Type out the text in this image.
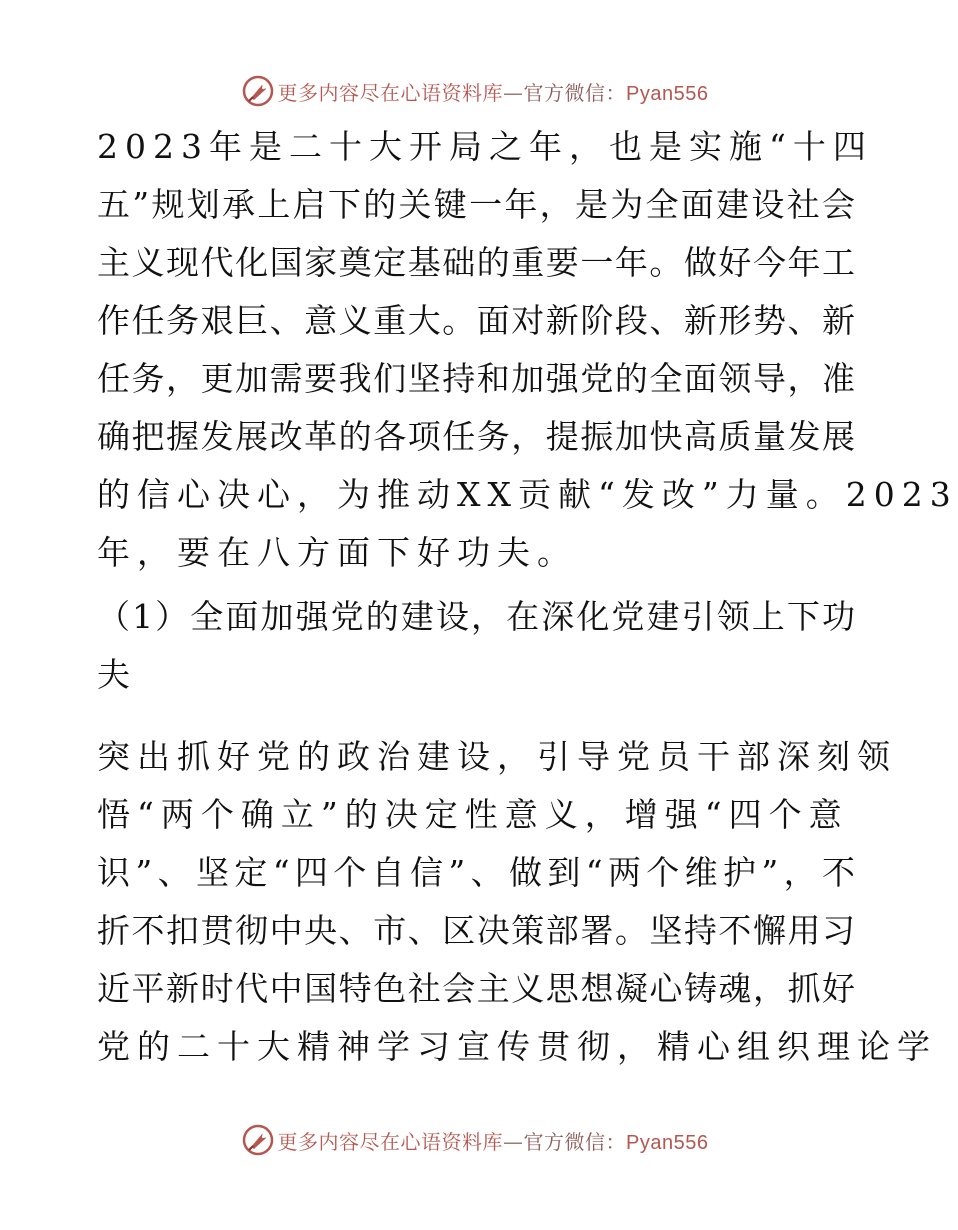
更多内容尽在心语资料库—官方微信：Pyan556
2023年是二十大开局之年，也是实施“十四
五”规划承上启下的关键一年，是为全面建设社会
主义现代化国家奠定基础的重要一年。做好今年工
作任务艰巨、意义重大。面对新阶段、新形势、新
任务，更加需要我们坚持和加强党的全面领导，准
确把握发展改革的各项任务，提振加快高质量发展
的信心决心，为推动XX贡献“发改”力量。2023
年，要在八方面下好功夫。
（1）全面加强党的建设，在深化党建引领上下功
夫
突出抓好党的政治建设，引导党员干部深刻领
悟“两个确立”的决定性意义，增强“四个意
识”、坚定“四个自信”、做到“两个维护”，不
折不扣贯彻中央、市、区决策部署。坚持不懈用习
近平新时代中国特色社会主义思想凝心铸魂，抓好
党的二十大精神学习宣传贯彻，精心组织理论学
更多内容尽在心语资料库—官方微信：Pyan556
